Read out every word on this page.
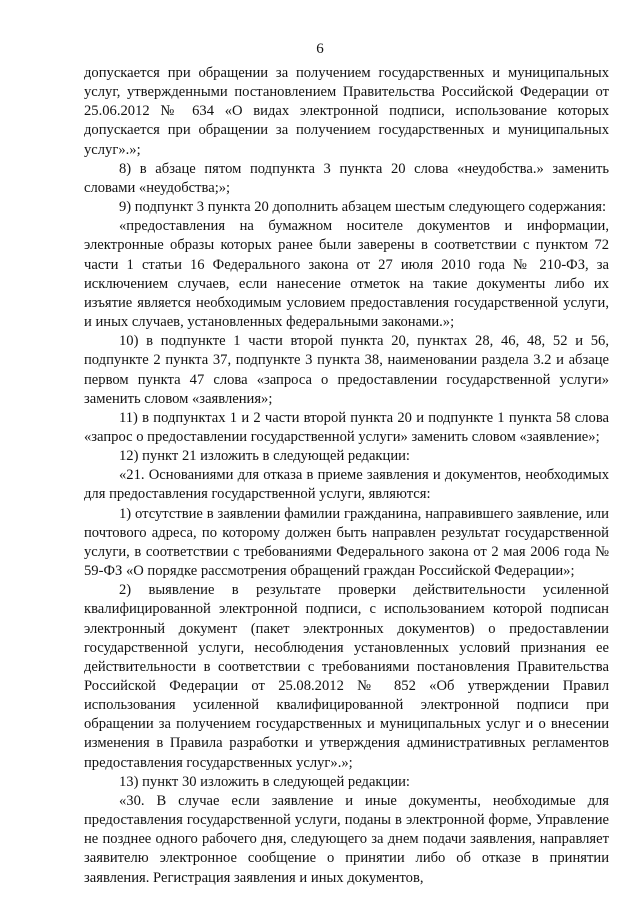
6

допускается при обращении за получением государственных и муниципальных услуг, утвержденными постановлением Правительства Российской Федерации от 25.06.2012 № 634 «О видах электронной подписи, использование которых допускается при обращении за получением государственных и муниципальных услуг».»;

8) в абзаце пятом подпункта 3 пункта 20 слова «неудобства.» заменить словами «неудобства;»;

9) подпункт 3 пункта 20 дополнить абзацем шестым следующего содержания:

«предоставления на бумажном носителе документов и информации, электронные образы которых ранее были заверены в соответствии с пунктом 72 части 1 статьи 16 Федерального закона от 27 июля 2010 года № 210-ФЗ, за исключением случаев, если нанесение отметок на такие документы либо их изъятие является необходимым условием предоставления государственной услуги, и иных случаев, установленных федеральными законами.»;

10) в подпункте 1 части второй пункта 20, пунктах 28, 46, 48, 52 и 56, подпункте 2 пункта 37, подпункте 3 пункта 38, наименовании раздела 3.2 и абзаце первом пункта 47 слова «запроса о предоставлении государственной услуги» заменить словом «заявления»;

11) в подпунктах 1 и 2 части второй пункта 20 и подпункте 1 пункта 58 слова «запрос о предоставлении государственной услуги» заменить словом «заявление»;

12) пункт 21 изложить в следующей редакции:

«21. Основаниями для отказа в приеме заявления и документов, необходимых для предоставления государственной услуги, являются:

1) отсутствие в заявлении фамилии гражданина, направившего заявление, или почтового адреса, по которому должен быть направлен результат государственной услуги, в соответствии с требованиями Федерального закона от 2 мая 2006 года № 59-ФЗ «О порядке рассмотрения обращений граждан Российской Федерации»;

2) выявление в результате проверки действительности усиленной квалифицированной электронной подписи, с использованием которой подписан электронный документ (пакет электронных документов) о предоставлении государственной услуги, несоблюдения установленных условий признания ее действительности в соответствии с требованиями постановления Правительства Российской Федерации от 25.08.2012 № 852 «Об утверждении Правил использования усиленной квалифицированной электронной подписи при обращении за получением государственных и муниципальных услуг и о внесении изменения в Правила разработки и утверждения административных регламентов предоставления государственных услуг».»;

13) пункт 30 изложить в следующей редакции:

«30. В случае если заявление и иные документы, необходимые для предоставления государственной услуги, поданы в электронной форме, Управление не позднее одного рабочего дня, следующего за днем подачи заявления, направляет заявителю электронное сообщение о принятии либо об отказе в принятии заявления. Регистрация заявления и иных документов,
